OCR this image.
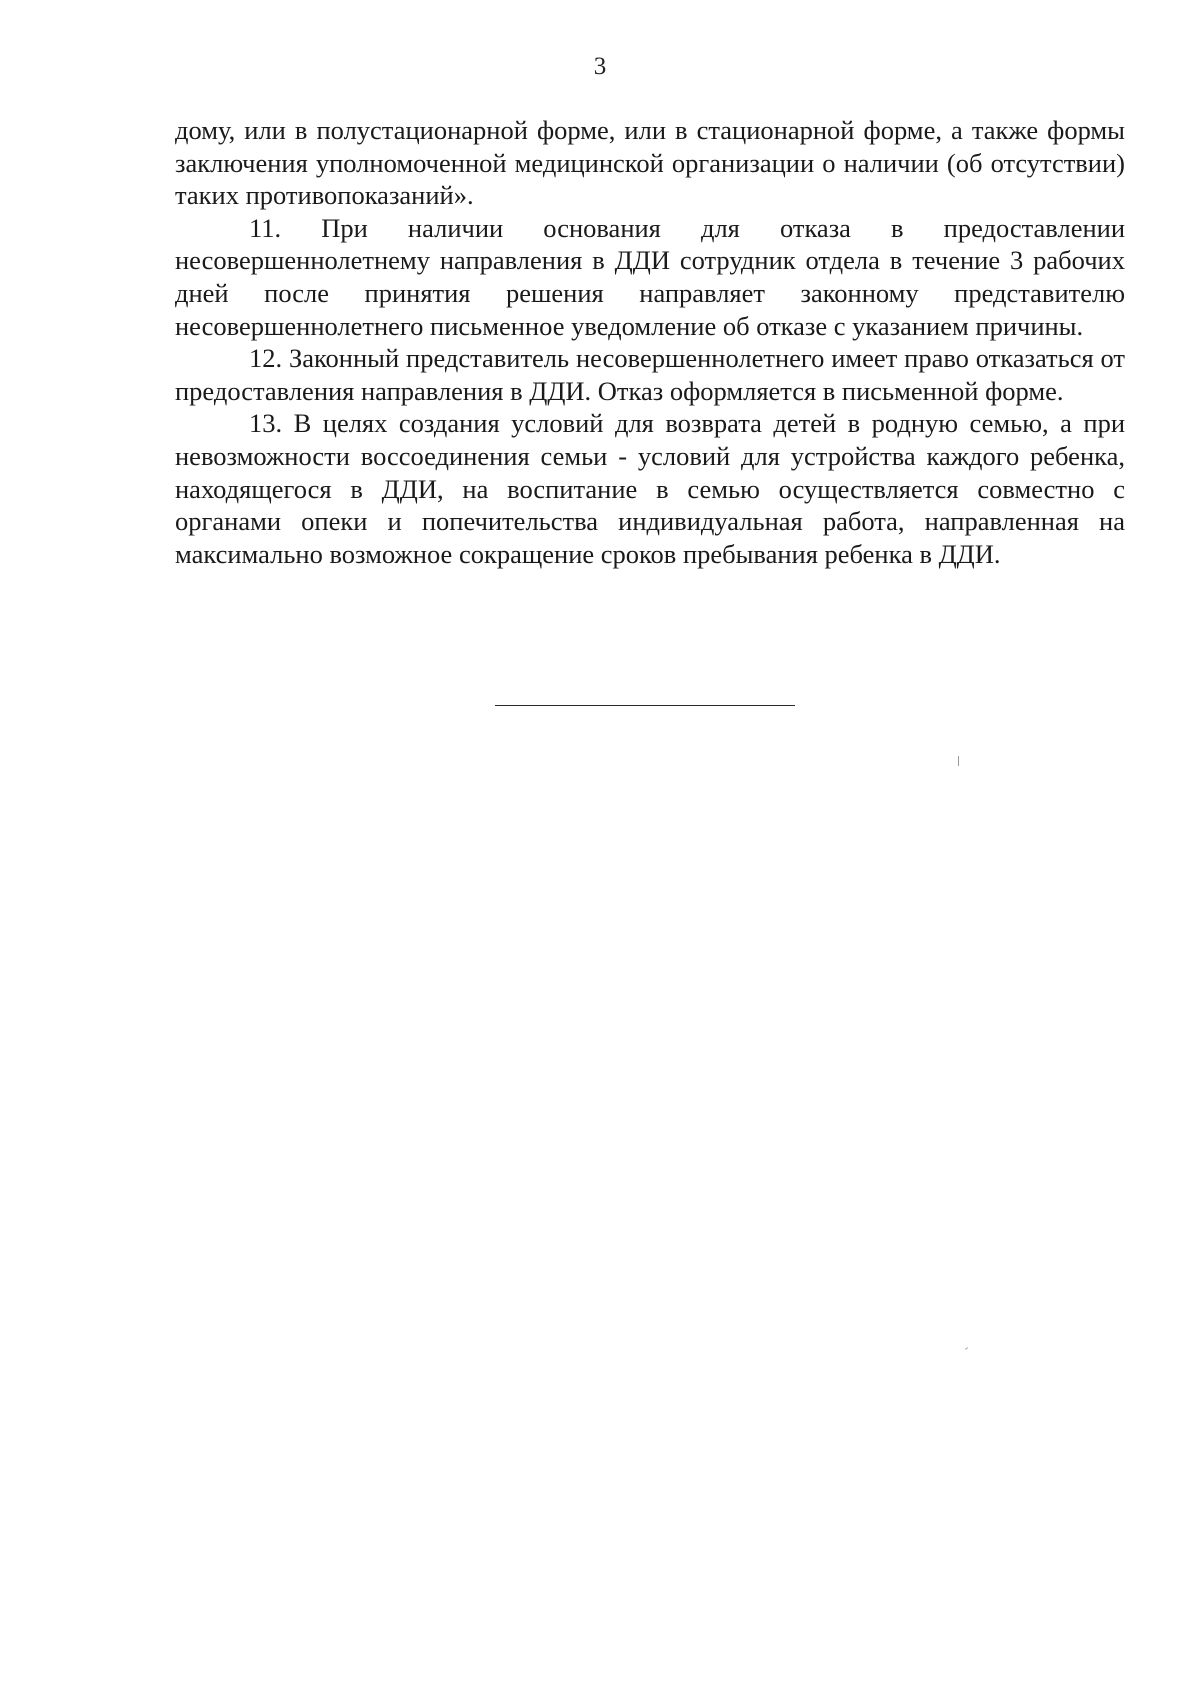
3

дому, или в полустационарной форме, или в стационарной форме, а также формы заключения уполномоченной медицинской организации о наличии (об отсутствии) таких противопоказаний».

11. При наличии основания для отказа в предоставлении несовершеннолетнему направления в ДДИ сотрудник отдела в течение 3 рабочих дней после принятия решения направляет законному представителю несовершеннолетнего письменное уведомление об отказе с указанием причины.

12. Законный представитель несовершеннолетнего имеет право отказаться от предоставления направления в ДДИ. Отказ оформляется в письменной форме.

13. В целях создания условий для возврата детей в родную семью, а при невозможности воссоединения семьи - условий для устройства каждого ребенка, находящегося в ДДИ, на воспитание в семью осуществляется совместно с органами опеки и попечительства индивидуальная работа, направленная на максимально возможное сокращение сроков пребывания ребенка в ДДИ.
